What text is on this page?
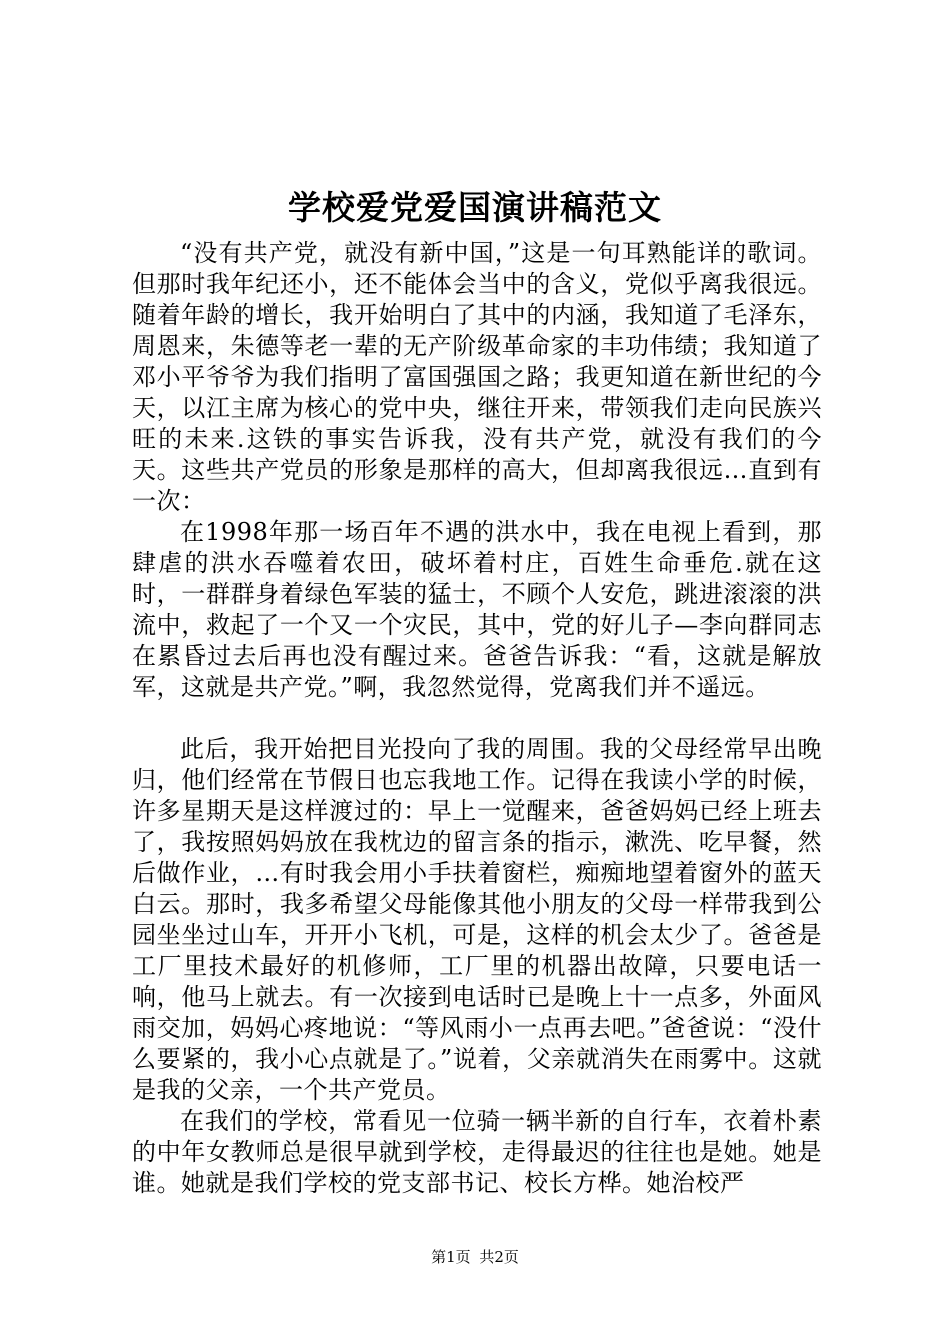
学校爱党爱国演讲稿范文

“没有共产党，就没有新中国，”这是一句耳熟能详的歌词。但那时我年纪还小，还不能体会当中的含义，党似乎离我很远。随着年龄的增长，我开始明白了其中的内涵，我知道了毛泽东，周恩来，朱德等老一辈的无产阶级革命家的丰功伟绩；我知道了邓小平爷爷为我们指明了富国强国之路；我更知道在新世纪的今天，以江主席为核心的党中央，继往开来，带领我们走向民族兴旺的未来.这铁的事实告诉我，没有共产党，就没有我们的今天。这些共产党员的形象是那样的高大，但却离我很远…直到有一次：

在1998年那一场百年不遇的洪水中，我在电视上看到，那肆虐的洪水吞噬着农田，破坏着村庄，百姓生命垂危.就在这时，一群群身着绿色军装的猛士，不顾个人安危，跳进滚滚的洪流中，救起了一个又一个灾民，其中，党的好儿子—李向群同志在累昏过去后再也没有醒过来。爸爸告诉我：“看，这就是解放军，这就是共产党。”啊，我忽然觉得，党离我们并不遥远。

此后，我开始把目光投向了我的周围。我的父母经常早出晚归，他们经常在节假日也忘我地工作。记得在我读小学的时候，许多星期天是这样渡过的：早上一觉醒来，爸爸妈妈已经上班去了，我按照妈妈放在我枕边的留言条的指示，漱洗、吃早餐，然后做作业，…有时我会用小手扶着窗栏，痴痴地望着窗外的蓝天白云。那时，我多希望父母能像其他小朋友的父母一样带我到公园坐坐过山车，开开小飞机，可是，这样的机会太少了。爸爸是工厂里技术最好的机修师，工厂里的机器出故障，只要电话一响，他马上就去。有一次接到电话时已是晚上十一点多，外面风雨交加，妈妈心疼地说：“等风雨小一点再去吧。”爸爸说：“没什么要紧的，我小心点就是了。”说着，父亲就消失在雨雾中。这就是我的父亲，一个共产党员。

在我们的学校，常看见一位骑一辆半新的自行车，衣着朴素的中年女教师总是很早就到学校，走得最迟的往往也是她。她是谁。她就是我们学校的党支部书记、校长方桦。她治校严

第1页 共2页
